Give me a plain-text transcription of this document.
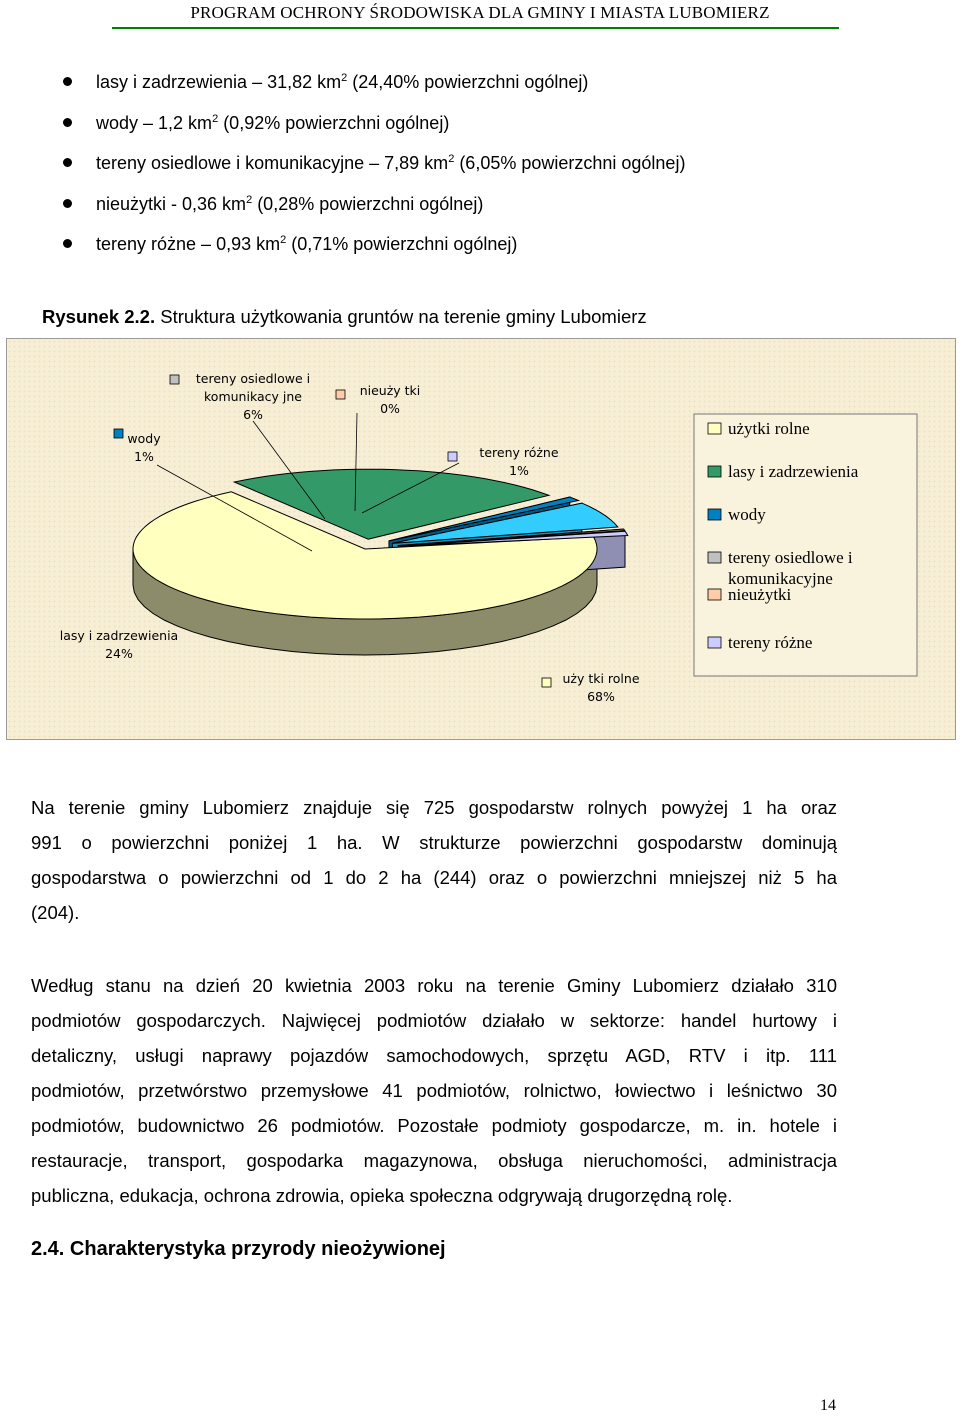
PROGRAM OCHRONY ŚRODOWISKA DLA GMINY I MIASTA LUBOMIERZ
lasy i zadrzewienia – 31,82 $km^2$ (24,40% powierzchni ogólnej)
wody – 1,2 $km^2$ (0,92% powierzchni ogólnej)
tereny osiedlowe i komunikacyjne – 7,89 $km^2$ (6,05% powierzchni ogólnej)
nieużytki - 0,36 $km^2$ (0,28% powierzchni ogólnej)
tereny różne – 0,93 $km^2$ (0,71% powierzchni ogólnej)
Rysunek 2.2. Struktura użytkowania gruntów na terenie gminy Lubomierz
wody
1%
tereny osiedlowe i
komunikacy jne
6%
nieuży tki
0%
tereny różne
1%
lasy i zadrzewienia
24%
uży tki rolne
68%
użytki rolne
lasy i zadrzewienia
wody
tereny osiedlowe i komunikacyjne
nieużytki
tereny różne
Na terenie gminy Lubomierz znajduje się 725 gospodarstw rolnych powyżej 1 ha oraz
991 o powierzchni poniżej 1 ha. W strukturze powierzchni gospodarstw dominują
gospodarstwa o powierzchni od 1 do 2 ha (244) oraz o powierzchni mniejszej niż 5 ha
(204).
Według stanu na dzień 20 kwietnia 2003 roku na terenie Gminy Lubomierz działało 310
podmiotów gospodarczych. Najwięcej podmiotów działało w sektorze: handel hurtowy i
detaliczny, usługi naprawy pojazdów samochodowych, sprzętu AGD, RTV i itp. 111
podmiotów, przetwórstwo przemysłowe 41 podmiotów, rolnictwo, łowiectwo i leśnictwo 30
podmiotów, budownictwo 26 podmiotów. Pozostałe podmioty gospodarcze, m. in. hotele i
restauracje, transport, gospodarka magazynowa, obsługa nieruchomości, administracja
publiczna, edukacja, ochrona zdrowia, opieka społeczna odgrywają drugorzędną rolę.
2.4. Charakterystyka przyrody nieożywionej
14
